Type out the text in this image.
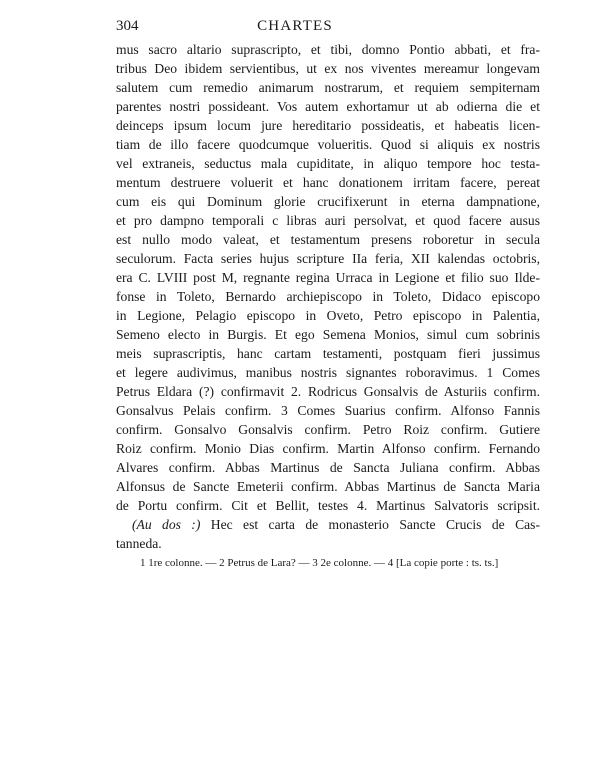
304	CHARTES
mus sacro altario suprascripto, et tibi, domno Pontio abbati, et fra-
tribus Deo ibidem servientibus, ut ex nos viventes mereamur longevam
salutem cum remedio animarum nostrarum, et requiem sempiternam
parentes nostri possideant. Vos autem exhortamur ut ab odierna die et
deinceps ipsum locum jure hereditario possideatis, et habeatis licen-
tiam de illo facere quodcumque volueritis. Quod si aliquis ex nostris
vel extraneis, seductus mala cupiditate, in aliquo tempore hoc testa-
mentum destruere voluerit et hanc donationem irritam facere, pereat
cum eis qui Dominum glorie crucifixerunt in eterna dampnatione,
et pro dampno temporali c libras auri persolvat, et quod facere ausus
est nullo modo valeat, et testamentum presens roboretur in secula
seculorum. Facta series hujus scripture IIa feria, XII kalendas octobris,
era C. LVIII post M, regnante regina Urraca in Legione et filio suo Ilde-
fonse in Toleto, Bernardo archiepiscopo in Toleto, Didaco episcopo
in Legione, Pelagio episcopo in Oveto, Petro episcopo in Palentia,
Semeno electo in Burgis. Et ego Semena Monios, simul cum sobrinis
meis suprascriptis, hanc cartam testamenti, postquam fieri jussimus
et legere audivimus, manibus nostris signantes roboravimus. 1 Comes
Petrus Eldara (?) confirmavit 2. Rodricus Gonsalvis de Asturiis confirm.
Gonsalvus Pelais confirm. 3 Comes Suarius confirm. Alfonso Fannis
confirm. Gonsalvo Gonsalvis confirm. Petro Roiz confirm. Gutiere
Roiz confirm. Monio Dias confirm. Martin Alfonso confirm. Fernando
Alvares confirm. Abbas Martinus de Sancta Juliana confirm. Abbas
Alfonsus de Sancte Emeterii confirm. Abbas Martinus de Sancta Maria
de Portu confirm. Cit et Bellit, testes 4. Martinus Salvatoris scripsit.
(Au dos :) Hec est carta de monasterio Sancte Crucis de Cas-
tanneda.
1 1re colonne. — 2 Petrus de Lara? — 3 2e colonne. — 4 [La copie porte : ts. ts.]
